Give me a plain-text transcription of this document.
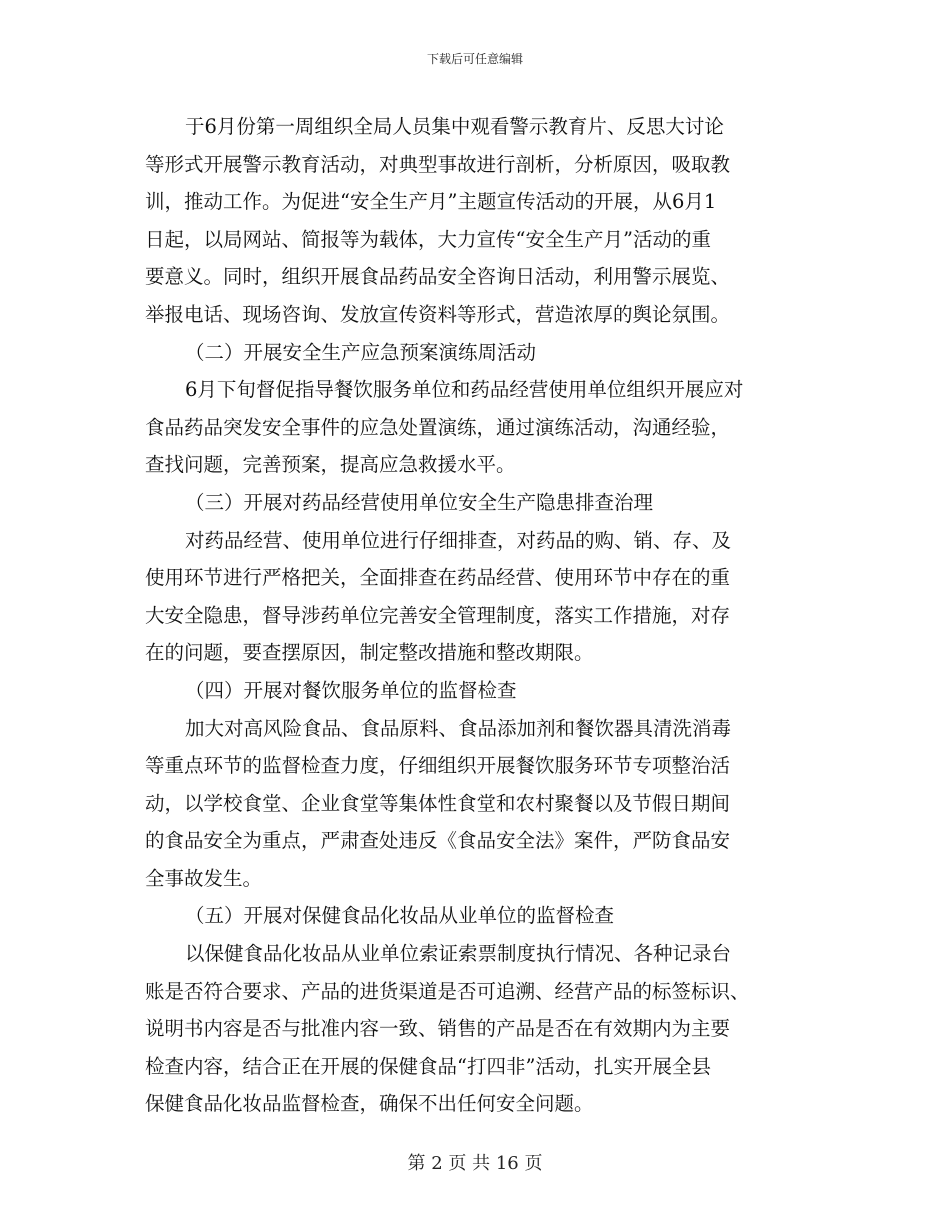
下载后可任意编辑
于6月份第一周组织全局人员集中观看警示教育片、反思大讨论
等形式开展警示教育活动，对典型事故进行剖析，分析原因，吸取教
训，推动工作。为促进“安全生产月”主题宣传活动的开展，从6月1
日起，以局网站、简报等为载体，大力宣传“安全生产月”活动的重
要意义。同时，组织开展食品药品安全咨询日活动，利用警示展览、
举报电话、现场咨询、发放宣传资料等形式，营造浓厚的舆论氛围。
（二）开展安全生产应急预案演练周活动
6月下旬督促指导餐饮服务单位和药品经营使用单位组织开展应对
食品药品突发安全事件的应急处置演练，通过演练活动，沟通经验，
查找问题，完善预案，提高应急救援水平。
（三）开展对药品经营使用单位安全生产隐患排查治理
对药品经营、使用单位进行仔细排查，对药品的购、销、存、及
使用环节进行严格把关，全面排查在药品经营、使用环节中存在的重
大安全隐患，督导涉药单位完善安全管理制度，落实工作措施，对存
在的问题，要查摆原因，制定整改措施和整改期限。
（四）开展对餐饮服务单位的监督检查
加大对高风险食品、食品原料、食品添加剂和餐饮器具清洗消毒
等重点环节的监督检查力度，仔细组织开展餐饮服务环节专项整治活
动，以学校食堂、企业食堂等集体性食堂和农村聚餐以及节假日期间
的食品安全为重点，严肃查处违反《食品安全法》案件，严防食品安
全事故发生。
（五）开展对保健食品化妆品从业单位的监督检查
以保健食品化妆品从业单位索证索票制度执行情况、各种记录台
账是否符合要求、产品的进货渠道是否可追溯、经营产品的标签标识、
说明书内容是否与批准内容一致、销售的产品是否在有效期内为主要
检查内容，结合正在开展的保健食品“打四非”活动，扎实开展全县
保健食品化妆品监督检查，确保不出任何安全问题。
第 2 页 共 16 页
